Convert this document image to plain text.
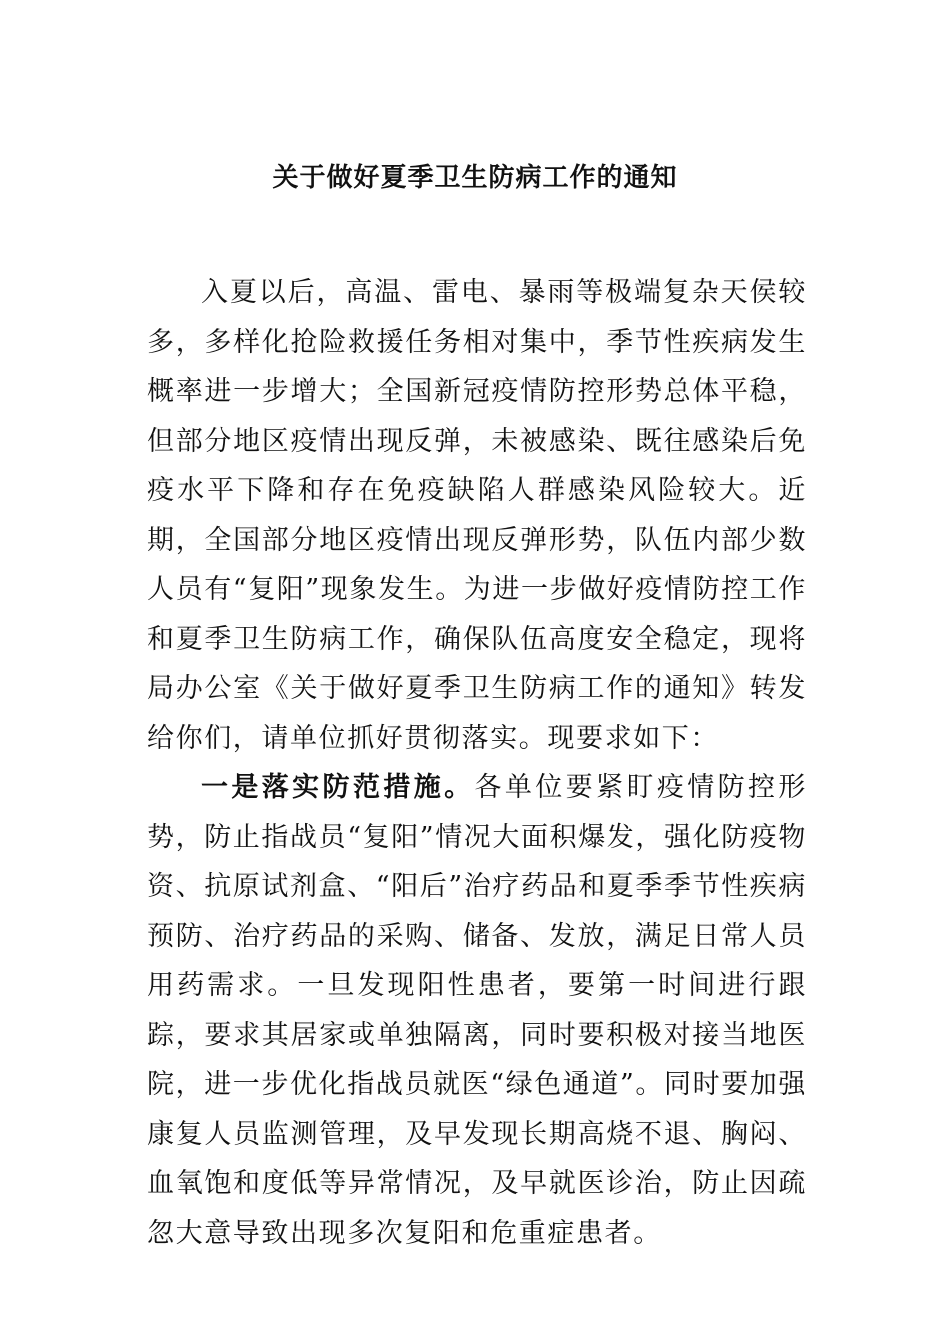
关于做好夏季卫生防病工作的通知

入夏以后，高温、雷电、暴雨等极端复杂天侯较多，多样化抢险救援任务相对集中，季节性疾病发生概率进一步增大；全国新冠疫情防控形势总体平稳，但部分地区疫情出现反弹，未被感染、既往感染后免疫水平下降和存在免疫缺陷人群感染风险较大。近期，全国部分地区疫情出现反弹形势，队伍内部少数人员有“复阳”现象发生。为进一步做好疫情防控工作和夏季卫生防病工作，确保队伍高度安全稳定，现将局办公室《关于做好夏季卫生防病工作的通知》转发给你们，请单位抓好贯彻落实。现要求如下：

一是落实防范措施。各单位要紧盯疫情防控形势，防止指战员“复阳”情况大面积爆发，强化防疫物资、抗原试剂盒、“阳后”治疗药品和夏季季节性疾病预防、治疗药品的采购、储备、发放，满足日常人员用药需求。一旦发现阳性患者，要第一时间进行跟踪，要求其居家或单独隔离，同时要积极对接当地医院，进一步优化指战员就医“绿色通道”。同时要加强康复人员监测管理，及早发现长期高烧不退、胸闷、血氧饱和度低等异常情况，及早就医诊治，防止因疏忽大意导致出现多次复阳和危重症患者。
